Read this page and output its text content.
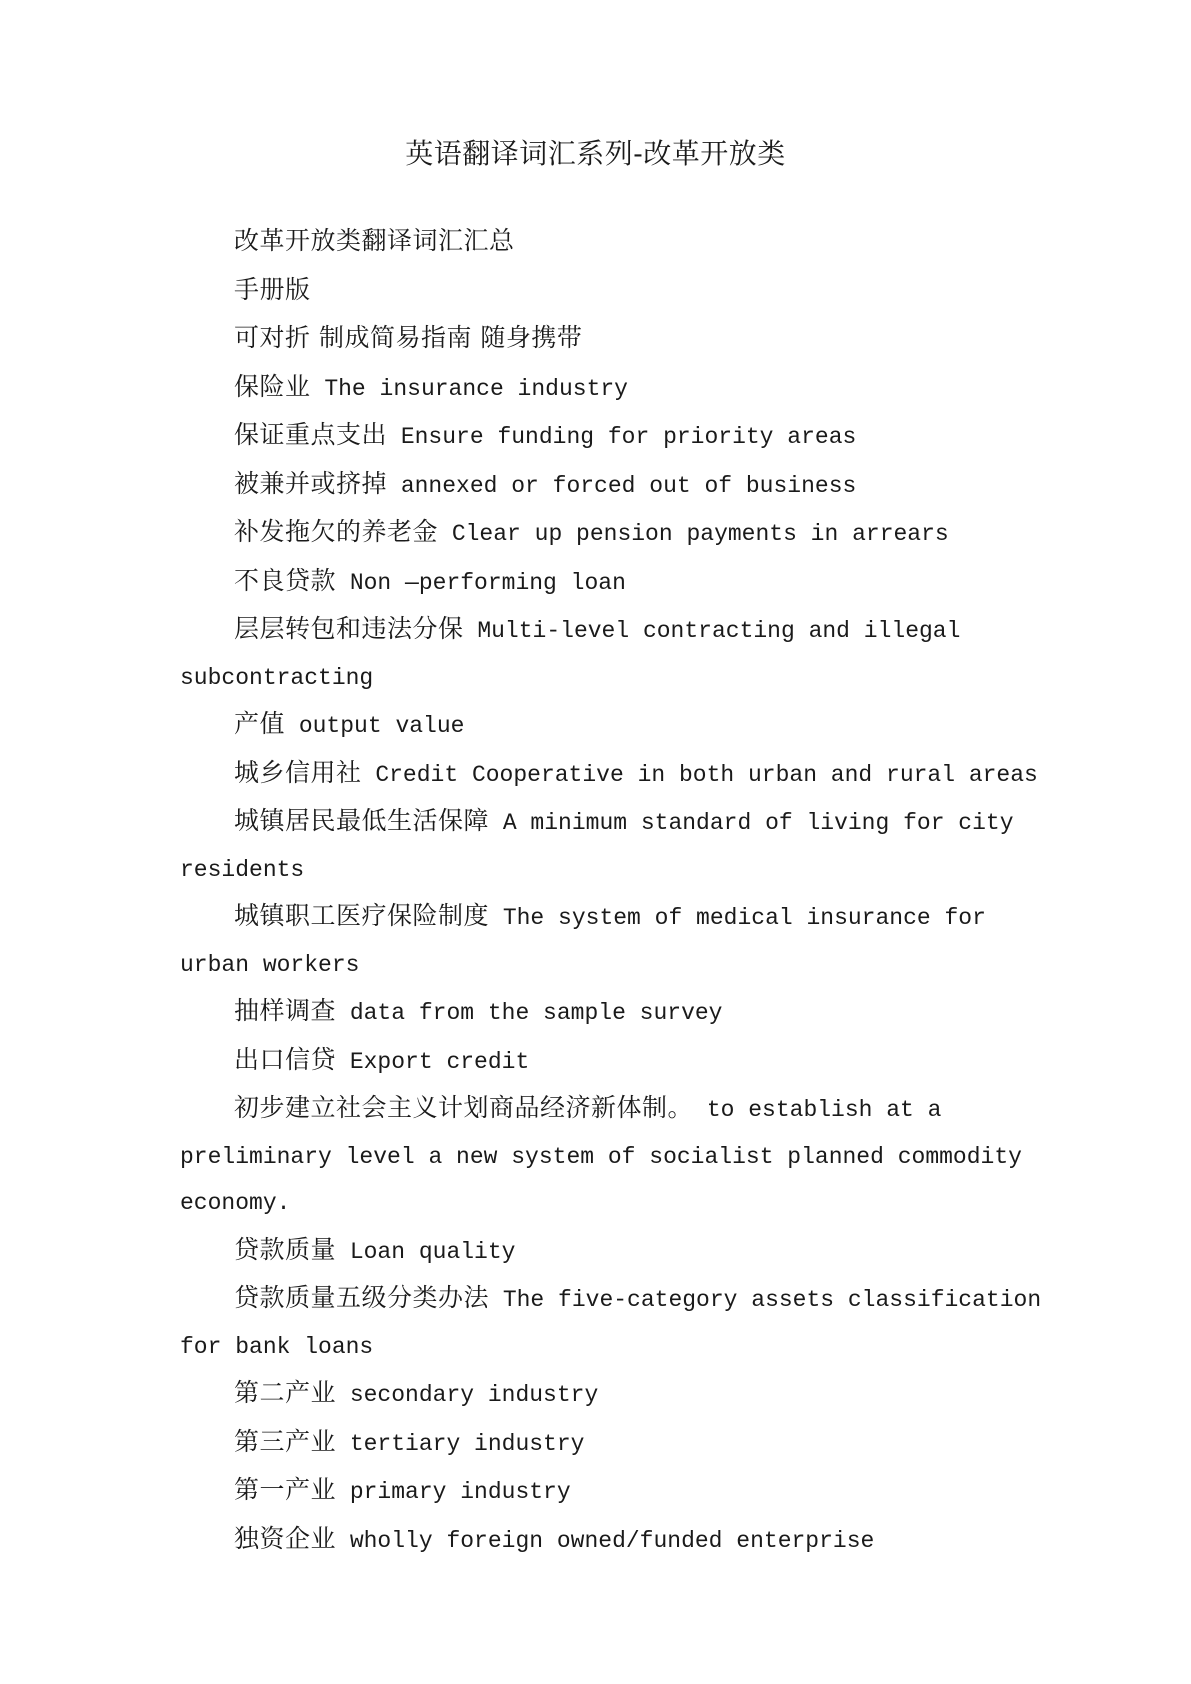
英语翻译词汇系列-改革开放类

改革开放类翻译词汇汇总

手册版

可对折 制成简易指南 随身携带

保险业 The insurance industry

保证重点支出 Ensure funding for priority areas

被兼并或挤掉 annexed or forced out of business

补发拖欠的养老金 Clear up pension payments in arrears

不良贷款 Non —performing loan

层层转包和违法分保 Multi-level contracting and illegal subcontracting

产值 output value

城乡信用社 Credit Cooperative in both urban and rural areas

城镇居民最低生活保障 A minimum standard of living for city residents

城镇职工医疗保险制度 The system of medical insurance for urban workers

抽样调查 data from the sample survey

出口信贷 Export credit

初步建立社会主义计划商品经济新体制。 to establish at a preliminary level a new system of socialist planned commodity economy.

贷款质量 Loan quality

贷款质量五级分类办法 The five-category assets classification for bank loans

第二产业 secondary industry

第三产业 tertiary industry

第一产业 primary industry

独资企业 wholly foreign owned/funded enterprise
